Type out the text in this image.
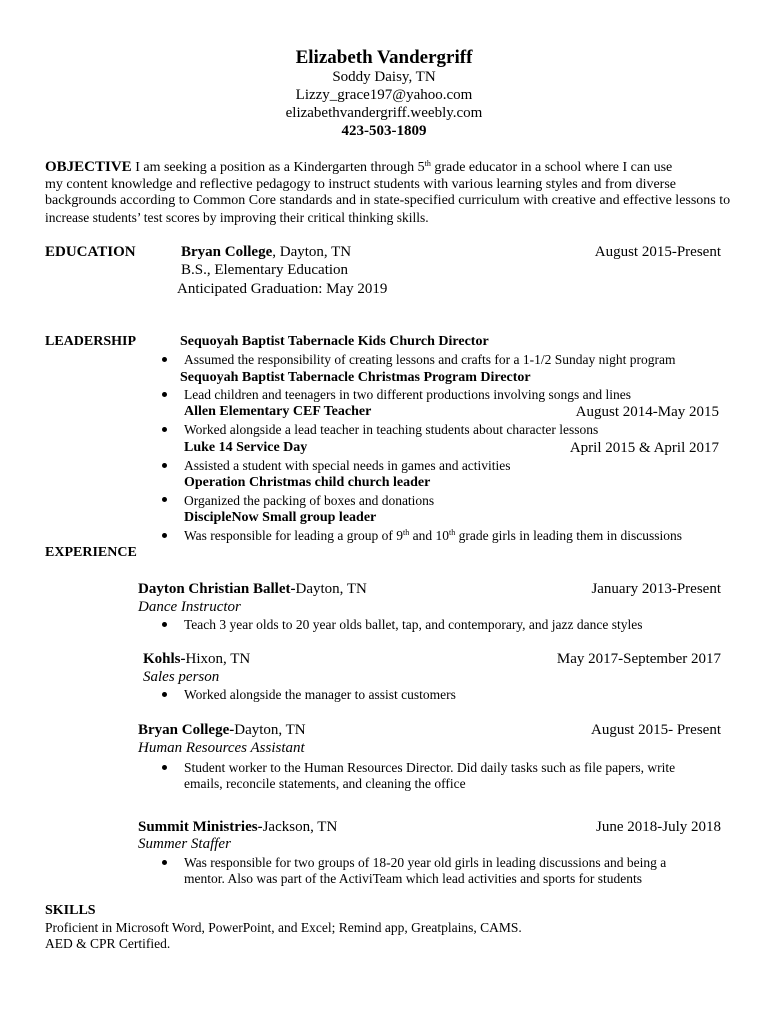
Elizabeth Vandergriff
Soddy Daisy, TN
Lizzy_grace197@yahoo.com
elizabethvandergriff.weebly.com
423-503-1809
OBJECTIVE I am seeking a position as a Kindergarten through 5th grade educator in a school where I can use
my content knowledge and reflective pedagogy to instruct students with various learning styles and from diverse
backgrounds according to Common Core standards and in state-specified curriculum with creative and effective lessons to
increase students’ test scores by improving their critical thinking skills.
EDUCATION	Bryan College, Dayton, TN	August 2015-Present
B.S., Elementary Education
Anticipated Graduation: May 2019
LEADERSHIP	Sequoyah Baptist Tabernacle Kids Church Director
Assumed the responsibility of creating lessons and crafts for a 1-1/2 Sunday night program
Sequoyah Baptist Tabernacle Christmas Program Director
Lead children and teenagers in two different productions involving songs and lines
Allen Elementary CEF Teacher	August 2014-May 2015
Worked alongside a lead teacher in teaching students about character lessons
Luke 14 Service Day	April 2015 & April 2017
Assisted a student with special needs in games and activities
Operation Christmas child church leader
Organized the packing of boxes and donations
DiscipleNow Small group leader
Was responsible for leading a group of 9th and 10th grade girls in leading them in discussions
EXPERIENCE
Dayton Christian Ballet-Dayton, TN	January 2013-Present
Dance Instructor
Teach 3 year olds to 20 year olds ballet, tap, and contemporary, and jazz dance styles
Kohls-Hixon, TN	May 2017-September 2017
Sales person
Worked alongside the manager to assist customers
Bryan College-Dayton, TN	August 2015- Present
Human Resources Assistant
Student worker to the Human Resources Director. Did daily tasks such as file papers, write
emails, reconcile statements, and cleaning the office
Summit Ministries-Jackson, TN	June 2018-July 2018
Summer Staffer
Was responsible for two groups of 18-20 year old girls in leading discussions and being a
mentor. Also was part of the ActiviTeam which lead activities and sports for students
SKILLS
Proficient in Microsoft Word, PowerPoint, and Excel; Remind app, Greatplains, CAMS.
AED & CPR Certified.
